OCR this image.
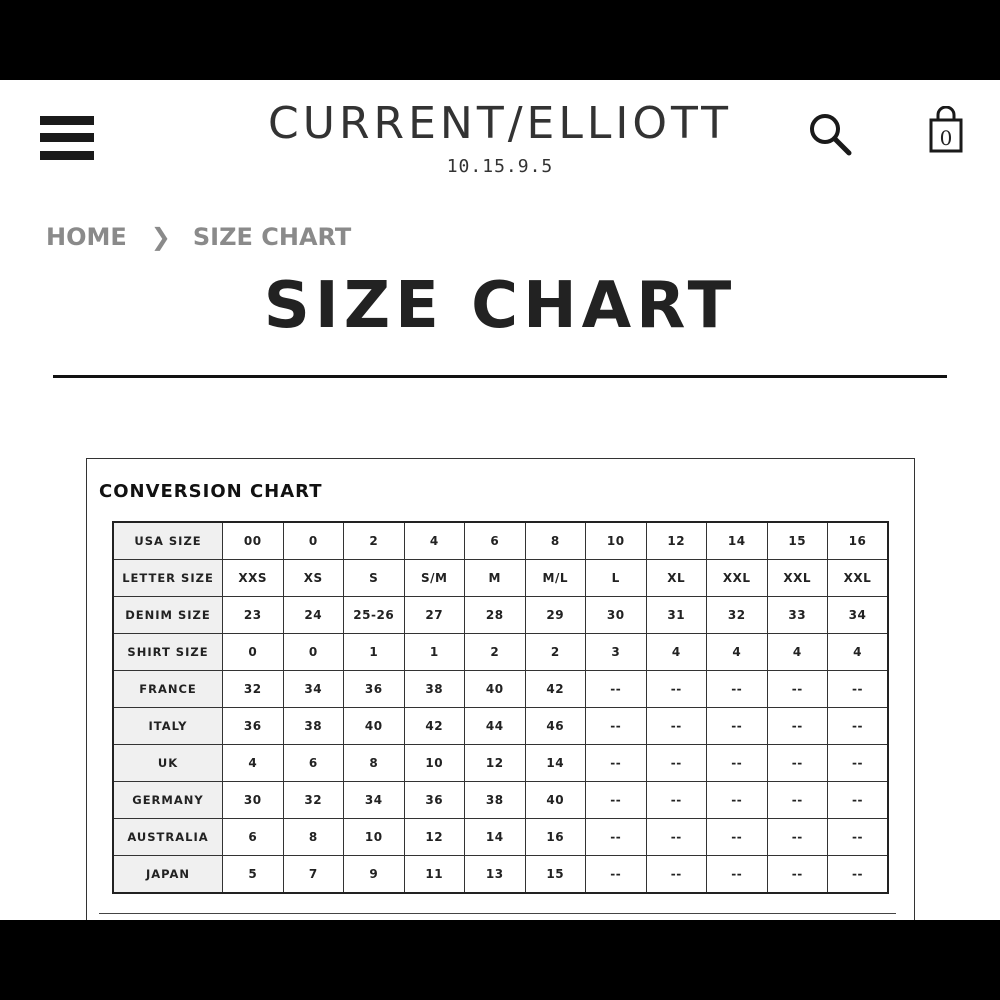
CURRENT/ELLIOTT
10.15.9.5
0
HOME ❯ SIZE CHART
SIZE CHART
CONVERSION CHART
USA SIZE	00	0	2	4	6	8	10	12	14	15	16
LETTER SIZE	XXS	XS	S	S/M	M	M/L	L	XL	XXL	XXL	XXL
DENIM SIZE	23	24	25-26	27	28	29	30	31	32	33	34
SHIRT SIZE	0	0	1	1	2	2	3	4	4	4	4
FRANCE	32	34	36	38	40	42	--	--	--	--	--
ITALY	36	38	40	42	44	46	--	--	--	--	--
UK	4	6	8	10	12	14	--	--	--	--	--
GERMANY	30	32	34	36	38	40	--	--	--	--	--
AUSTRALIA	6	8	10	12	14	16	--	--	--	--	--
JAPAN	5	7	9	11	13	15	--	--	--	--	--
